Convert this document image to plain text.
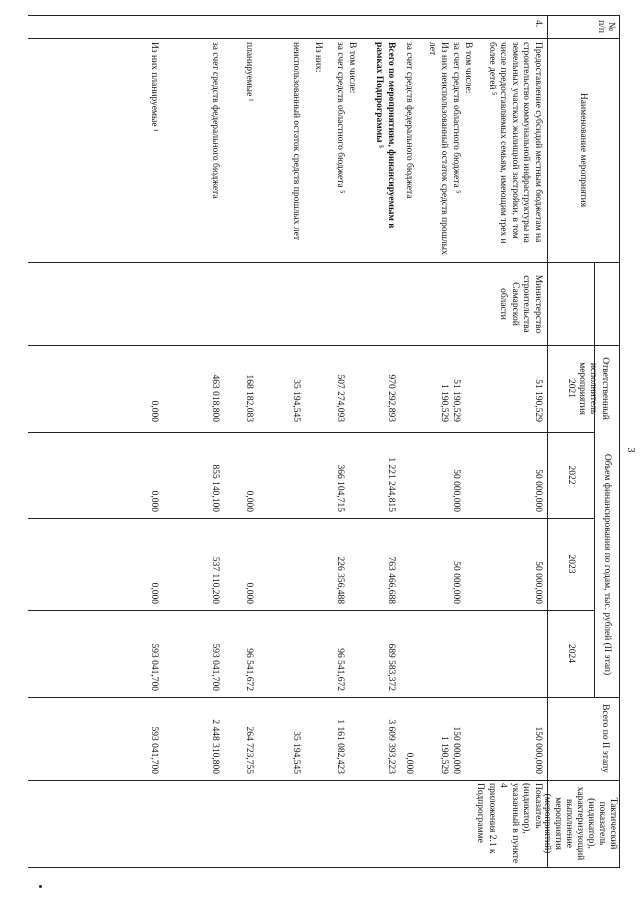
3
№
п/п
Наименование мероприятия
Ответственный
исполнитель
мероприятия
Объем финансирования по годам, тыс. рублей (II этап)
2021
2022
2023
2024
Всего по II этапу
Тактический
показатель
(индикатор),
характеризующий
выполнение
мероприятия
(мероприятий)
4.
Предоставление субсидий местным бюджетам на строительство коммунальной инфраструктуры на земельных участках жилищной застройки, в том числе предоставляемых семьям, имеющим трех и более детей ⁵
Министерство
строительства
Самарской
области
51 190,529
50 000,000
50 000,000
150 000,000
Показатель
(индикатор),
указанный в пункте 4
приложения 2.1 к
Подпрограмме
В том числе:
за счет средств областного бюджета ⁵
51 190,529
50 000,000
50 000,000
150 000,000
Из них неиспользованный остаток средств прошлых лет
1 190,529
1 190,529
за счет средств федерального бюджета
0,000
Всего по мероприятиям, финансируемым в рамках Подпрограммы ⁵
970 292,893
1 221 244,815
763 466,688
689 583,372
3 609 393,223
В том числе:
за счет средств областного бюджета ⁵
507 274,093
366 104,715
226 356,488
96 541,672
1 161 082,423
Из них:
неиспользованный остаток средств прошлых лет
35 194,545
35 194,545
планируемые ¹
168 182,083
0,000
0,000
96 541,672
264 723,755
за счет средств федерального бюджета
463 018,800
855 140,100
537 110,200
593 041,700
2 448 310,800
Из них планируемые ¹
0,000
0,000
0,000
593 041,700
593 041,700
